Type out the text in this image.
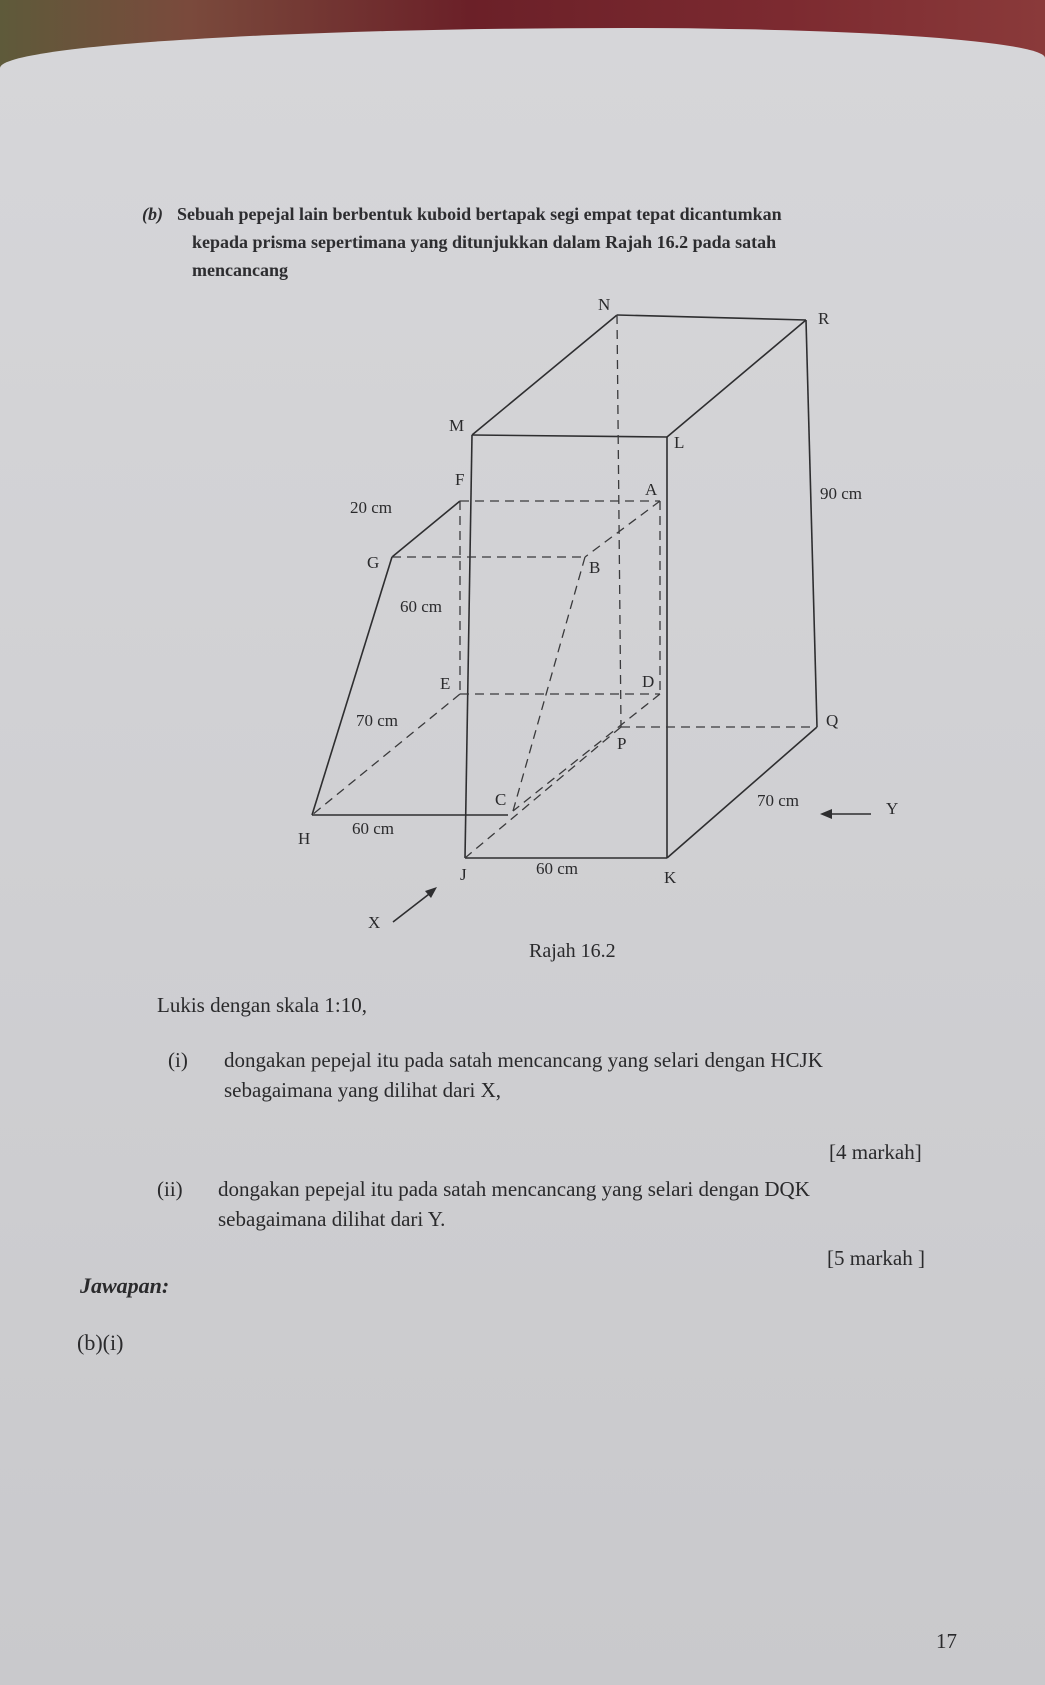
(b) Sebuah pepejal lain berbentuk kuboid bertapak segi empat tepat dicantumkan
kepada prisma sepertimana yang ditunjukkan dalam Rajah 16.2 pada satah
mencancang
N
R
M
L
F
A
G	B
E	D
P
Q
C
H
J	K
20 cm
60 cm
70 cm
60 cm
60 cm
70 cm
90 cm
X
Y
Rajah 16.2

Lukis dengan skala 1:10,

(i) dongakan pepejal itu pada satah mencancang yang selari dengan HCJK

sebagaimana yang dilihat dari X,

[4 markah]

(ii) dongakan pepejal itu pada satah mencancang yang selari dengan DQK

sebagaimana dilihat dari Y.

[5 markah ]

Jawapan:

(b)(i)

17
